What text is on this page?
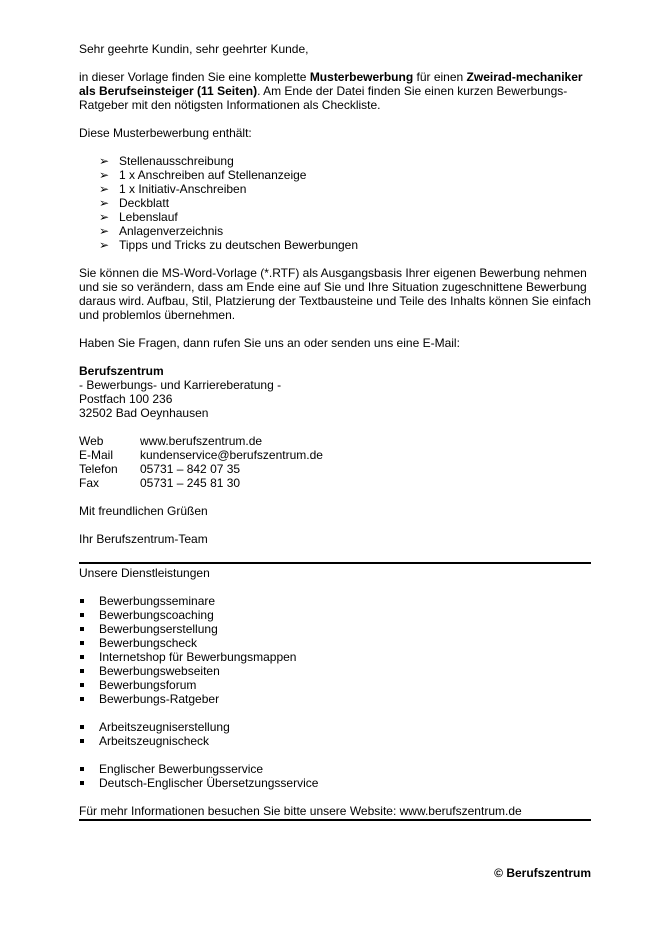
Sehr geehrte Kundin, sehr geehrter Kunde,

in dieser Vorlage finden Sie eine komplette Musterbewerbung für einen Zweirad-mechaniker als Berufseinsteiger (11 Seiten). Am Ende der Datei finden Sie einen kurzen Bewerbungs-Ratgeber mit den nötigsten Informationen als Checkliste.

Diese Musterbewerbung enthält:

➢ Stellenausschreibung
➢ 1 x Anschreiben auf Stellenanzeige
➢ 1 x Initiativ-Anschreiben
➢ Deckblatt
➢ Lebenslauf
➢ Anlagenverzeichnis
➢ Tipps und Tricks zu deutschen Bewerbungen

Sie können die MS-Word-Vorlage (*.RTF) als Ausgangsbasis Ihrer eigenen Bewerbung nehmen und sie so verändern, dass am Ende eine auf Sie und Ihre Situation zugeschnittene Bewerbung daraus wird. Aufbau, Stil, Platzierung der Textbausteine und Teile des Inhalts können Sie einfach und problemlos übernehmen.

Haben Sie Fragen, dann rufen Sie uns an oder senden uns eine E-Mail:

Berufszentrum

- Bewerbungs- und Karriereberatung -

Postfach 100 236

32502 Bad Oeynhausen

Web	www.berufszentrum.de
E-Mail	kundenservice@berufszentrum.de
Telefon	05731 – 842 07 35
Fax	05731 – 245 81 30

Mit freundlichen Grüßen

Ihr Berufszentrum-Team

Unsere Dienstleistungen

Bewerbungsseminare
Bewerbungscoaching
Bewerbungserstellung
Bewerbungscheck
Internetshop für Bewerbungsmappen
Bewerbungswebseiten
Bewerbungsforum
Bewerbungs-Ratgeber
Arbeitszeugniserstellung
Arbeitszeugnischeck
Englischer Bewerbungsservice
Deutsch-Englischer Übersetzungsservice

Für mehr Informationen besuchen Sie bitte unsere Website: www.berufszentrum.de

© Berufszentrum
